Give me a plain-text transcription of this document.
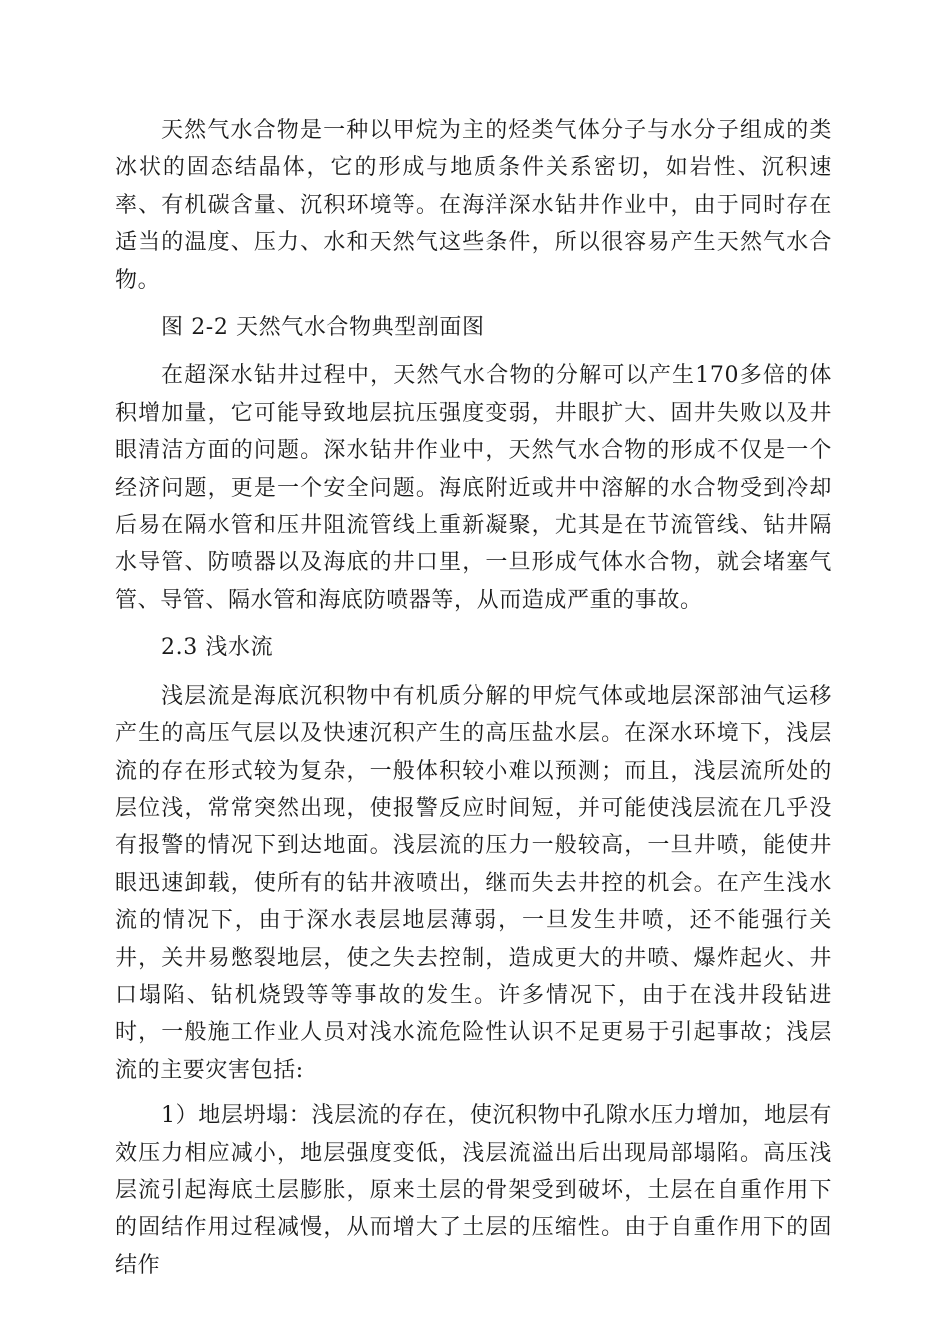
天然气水合物是一种以甲烷为主的烃类气体分子与水分子组成的类冰状的固态结晶体，它的形成与地质条件关系密切，如岩性、沉积速率、有机碳含量、沉积环境等。在海洋深水钻井作业中，由于同时存在适当的温度、压力、水和天然气这些条件，所以很容易产生天然气水合物。

图 2-2 天然气水合物典型剖面图

在超深水钻井过程中，天然气水合物的分解可以产生170多倍的体积增加量，它可能导致地层抗压强度变弱，井眼扩大、固井失败以及井眼清洁方面的问题。深水钻井作业中，天然气水合物的形成不仅是一个经济问题，更是一个安全问题。海底附近或井中溶解的水合物受到冷却后易在隔水管和压井阻流管线上重新凝聚，尤其是在节流管线、钻井隔水导管、防喷器以及海底的井口里，一旦形成气体水合物，就会堵塞气管、导管、隔水管和海底防喷器等，从而造成严重的事故。

2.3 浅水流

浅层流是海底沉积物中有机质分解的甲烷气体或地层深部油气运移产生的高压气层以及快速沉积产生的高压盐水层。在深水环境下，浅层流的存在形式较为复杂，一般体积较小难以预测；而且，浅层流所处的层位浅，常常突然出现，使报警反应时间短，并可能使浅层流在几乎没有报警的情况下到达地面。浅层流的压力一般较高，一旦井喷，能使井眼迅速卸载，使所有的钻井液喷出，继而失去井控的机会。在产生浅水流的情况下，由于深水表层地层薄弱，一旦发生井喷，还不能强行关井，关井易憋裂地层，使之失去控制，造成更大的井喷、爆炸起火、井口塌陷、钻机烧毁等等事故的发生。许多情况下，由于在浅井段钻进时，一般施工作业人员对浅水流危险性认识不足更易于引起事故；浅层流的主要灾害包括:

1）地层坍塌：浅层流的存在，使沉积物中孔隙水压力增加，地层有效压力相应减小，地层强度变低，浅层流溢出后出现局部塌陷。高压浅层流引起海底土层膨胀，原来土层的骨架受到破坏，土层在自重作用下的固结作用过程减慢，从而增大了土层的压缩性。由于自重作用下的固结作
